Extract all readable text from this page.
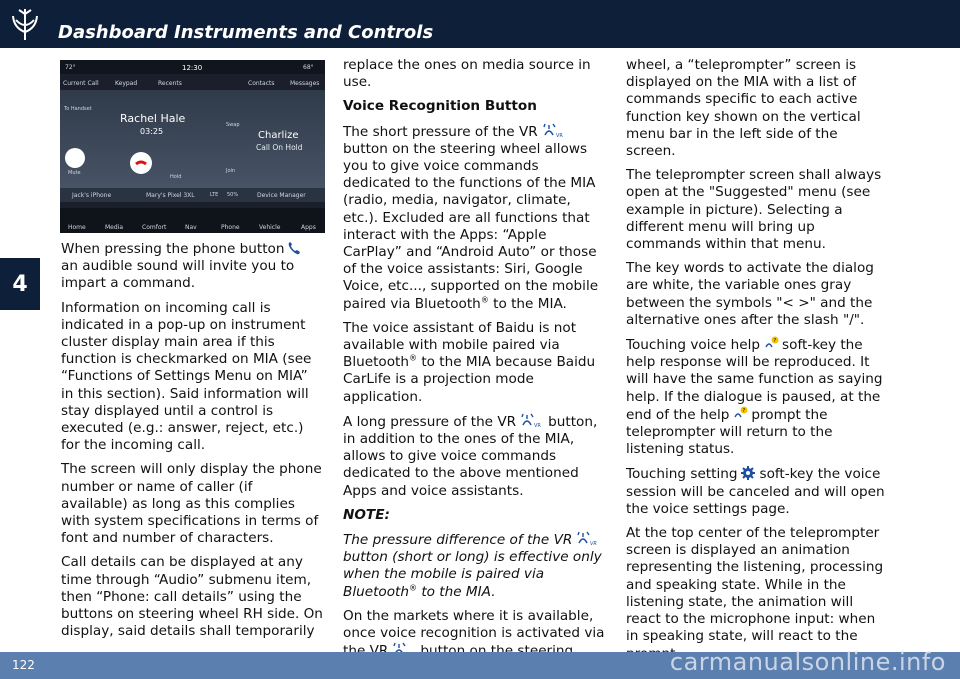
Dashboard Instruments and Controls
4
72°	12:30	68°
Current Call	Keypad	Recents	Contacts	Messages
To Handset
Rachel Hale
03:25
Swap
Join
Hold
Mute
Charlize
Call On Hold
Jack's iPhone	Mary's Pixel 3XL	LTE 50%	Device Manager
Home	Media	Comfort	Nav	Phone	Vehicle	Apps

When pressing the phone button an audible sound will invite you to impart a command.

Information on incoming call is indicated in a pop-up on instrument cluster display main area if this function is checkmarked on MIA (see “Functions of Settings Menu on MIA” in this section). Said information will stay displayed until a control is executed (e.g.: answer, reject, etc.) for the incoming call.

The screen will only display the phone number or name of caller (if available) as long as this complies with system specifications in terms of font and number of characters.

Call details can be displayed at any time through “Audio” submenu item, then “Phone: call details” using the buttons on steering wheel RH side. On display, said details shall temporarily

replace the ones on media source in use.

Voice Recognition Button

The short pressure of the VR	VR
button on the steering wheel allows you to give voice commands dedicated to the functions of the MIA (radio, media, navigator, climate, etc.). Excluded are all functions that interact with the Apps: “Apple CarPlay” and “Android Auto” or those of the voice assistants: Siri, Google Voice, etc..., supported on the mobile paired via Bluetooth® to the MIA.

The voice assistant of Baidu is not available with mobile paired via Bluetooth® to the MIA because Baidu CarLife is a projection mode application.

A long pressure of the VR	VR button, in addition to the ones of the MIA, allows to give voice commands dedicated to the above mentioned Apps and voice assistants.

NOTE:

The pressure difference of the VR	VR
button (short or long) is effective only when the mobile is paired via Bluetooth® to the MIA.

On the markets where it is available, once voice recognition is activated via

wheel, a “teleprompter” screen is displayed on the MIA with a list of commands specific to each active function key shown on the vertical menu bar in the left side of the screen.

The teleprompter screen shall always open at the "Suggested" menu (see example in picture). Selecting a different menu will bring up commands within that menu.

The key words to activate the dialog are white, the variable ones gray between the symbols "< >" and the alternative ones after the slash "/".

Touching voice help	? soft-key the help response will be reproduced. It will have the same function as saying help. If the dialogue is paused, at the end of the help	? prompt the teleprompter will return to the listening status.

Touching setting soft-key the voice session will be canceled and will open the voice settings page.

At the top center of the teleprompter screen is displayed an animation representing the listening, processing and speaking state. While in the listening state, the animation will react to the microphone input: when in speaking state, will react to the

122	carmanualsonline.info
